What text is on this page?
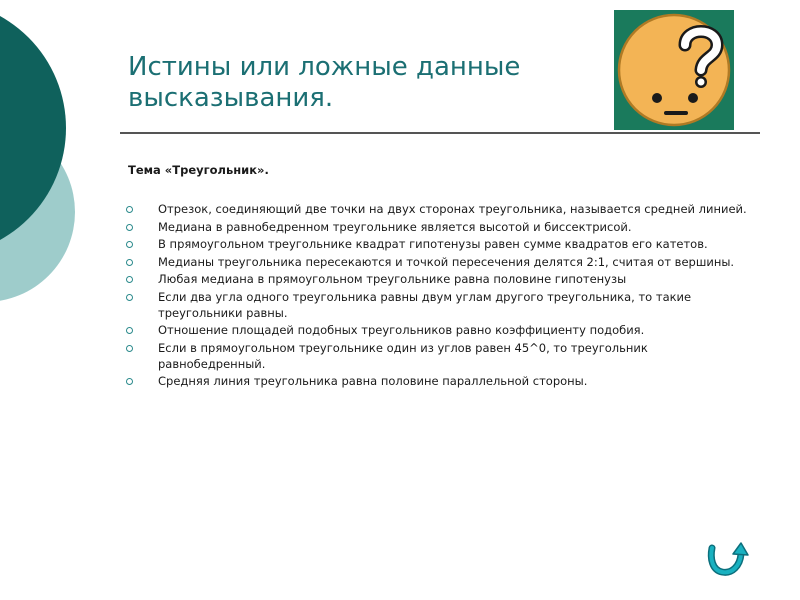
Истины или ложные данные
высказывания.

Тема «Треугольник».

Отрезок, соединяющий две точки на двух сторонах треугольника, называется средней линией.
Медиана в равнобедренном треугольнике является высотой и биссектрисой.
В прямоугольном треугольнике квадрат гипотенузы равен сумме квадратов его катетов.
Медианы треугольника пересекаются и точкой пересечения делятся 2:1, считая от вершины.
Любая медиана в прямоугольном треугольнике равна половине гипотенузы
Если два угла одного треугольника равны двум углам другого треугольника, то такие треугольники равны.
Отношение площадей подобных треугольников равно коэффициенту подобия.
Если в прямоугольном треугольнике один из углов равен 45^0, то треугольник равнобедренный.
Средняя линия треугольника равна половине параллельной стороны.
